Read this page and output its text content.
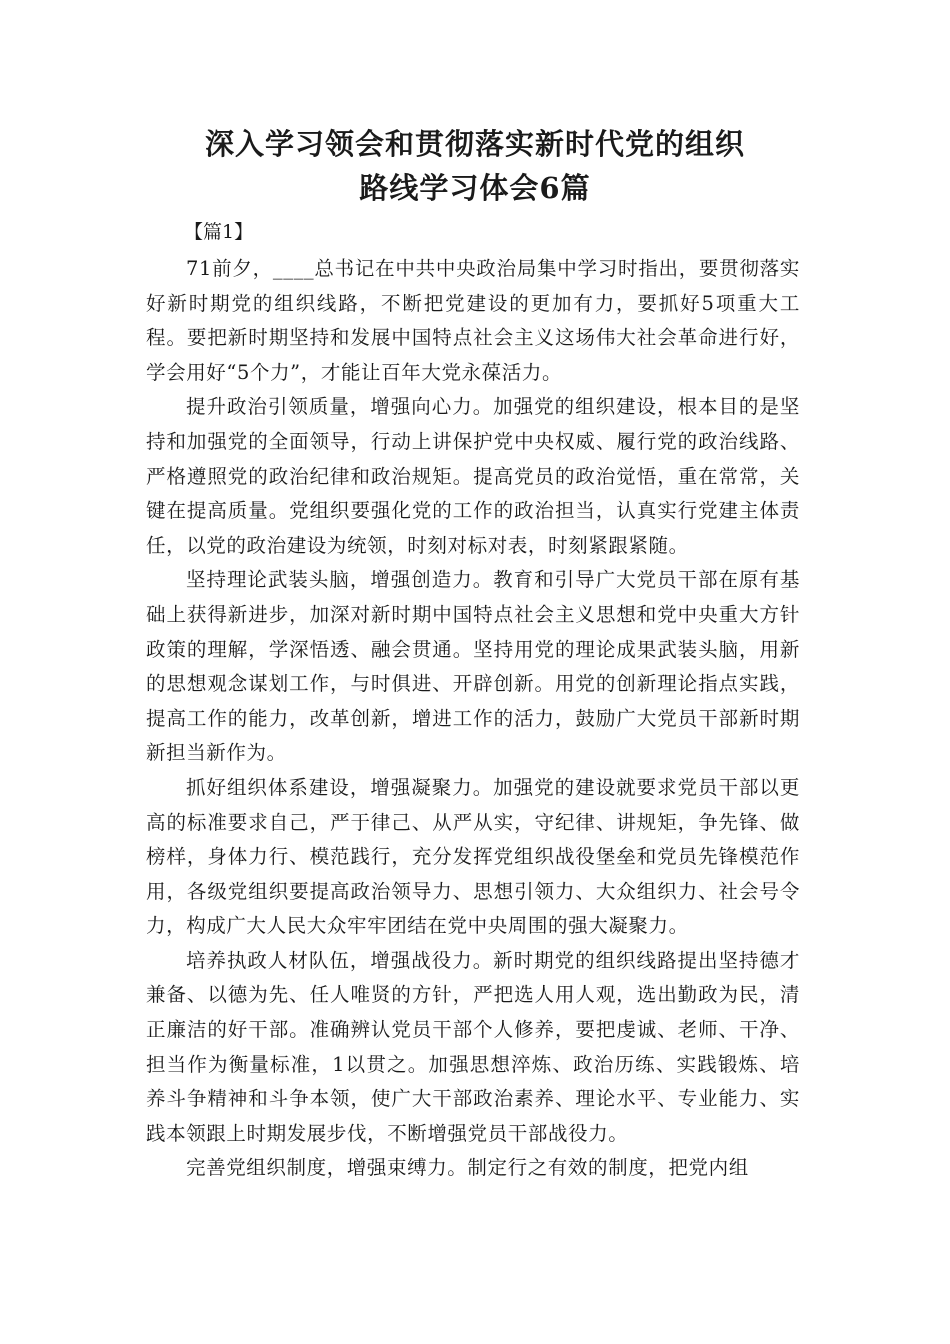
深入学习领会和贯彻落实新时代党的组织
路线学习体会6篇
【篇1】

71前夕，____总书记在中共中央政治局集中学习时指出，要贯彻落实好新时期党的组织线路，不断把党建设的更加有力，要抓好5项重大工程。要把新时期坚持和发展中国特点社会主义这场伟大社会革命进行好，学会用好“5个力”，才能让百年大党永葆活力。

提升政治引领质量，增强向心力。加强党的组织建设，根本目的是坚持和加强党的全面领导，行动上讲保护党中央权威、履行党的政治线路、严格遵照党的政治纪律和政治规矩。提高党员的政治觉悟，重在常常，关键在提高质量。党组织要强化党的工作的政治担当，认真实行党建主体责任，以党的政治建设为统领，时刻对标对表，时刻紧跟紧随。

坚持理论武装头脑，增强创造力。教育和引导广大党员干部在原有基础上获得新进步，加深对新时期中国特点社会主义思想和党中央重大方针政策的理解，学深悟透、融会贯通。坚持用党的理论成果武装头脑，用新的思想观念谋划工作，与时俱进、开辟创新。用党的创新理论指点实践，提高工作的能力，改革创新，增进工作的活力，鼓励广大党员干部新时期新担当新作为。

抓好组织体系建设，增强凝聚力。加强党的建设就要求党员干部以更高的标准要求自己，严于律己、从严从实，守纪律、讲规矩，争先锋、做榜样，身体力行、模范践行，充分发挥党组织战役堡垒和党员先锋模范作用，各级党组织要提高政治领导力、思想引领力、大众组织力、社会号令力，构成广大人民大众牢牢团结在党中央周围的强大凝聚力。

培养执政人材队伍，增强战役力。新时期党的组织线路提出坚持德才兼备、以德为先、任人唯贤的方针，严把选人用人观，选出勤政为民，清正廉洁的好干部。准确辨认党员干部个人修养，要把虔诚、老师、干净、担当作为衡量标准，1以贯之。加强思想淬炼、政治历练、实践锻炼、培养斗争精神和斗争本领，使广大干部政治素养、理论水平、专业能力、实践本领跟上时期发展步伐，不断增强党员干部战役力。

完善党组织制度，增强束缚力。制定行之有效的制度，把党内组
